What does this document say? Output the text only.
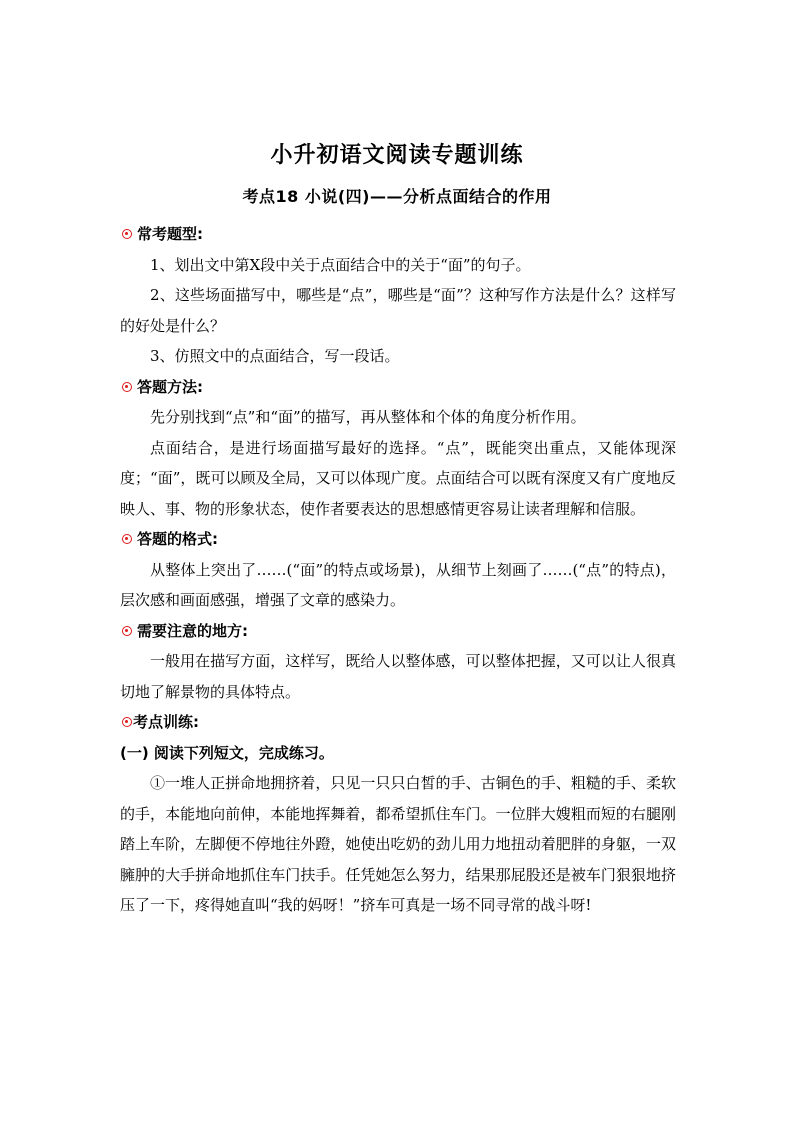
小升初语文阅读专题训练
考点18 小说(四)——分析点面结合的作用
常考题型:

1、划出文中第X段中关于点面结合中的关于“面”的句子。

2、这些场面描写中，哪些是“点”，哪些是“面”？这种写作方法是什么？这样写的好处是什么？

3、仿照文中的点面结合，写一段话。

答题方法:

先分别找到“点”和“面”的描写，再从整体和个体的角度分析作用。

点面结合，是进行场面描写最好的选择。“点”，既能突出重点，又能体现深度；“面”，既可以顾及全局，又可以体现广度。点面结合可以既有深度又有广度地反映人、事、物的形象状态，使作者要表达的思想感情更容易让读者理解和信服。

答题的格式:

从整体上突出了……(“面”的特点或场景)，从细节上刻画了……(“点”的特点)，层次感和画面感强，增强了文章的感染力。

需要注意的地方:

一般用在描写方面，这样写，既给人以整体感，可以整体把握，又可以让人很真切地了解景物的具体特点。

考点训练:
(一) 阅读下列短文，完成练习。

①一堆人正拼命地拥挤着，只见一只只白皙的手、古铜色的手、粗糙的手、柔软的手，本能地向前伸，本能地挥舞着，都希望抓住车门。一位胖大嫂粗而短的右腿刚踏上车阶，左脚便不停地往外蹬，她使出吃奶的劲儿用力地扭动着肥胖的身躯，一双臃肿的大手拼命地抓住车门扶手。任凭她怎么努力，结果那屁股还是被车门狠狠地挤压了一下，疼得她直叫“我的妈呀！”挤车可真是一场不同寻常的战斗呀!
